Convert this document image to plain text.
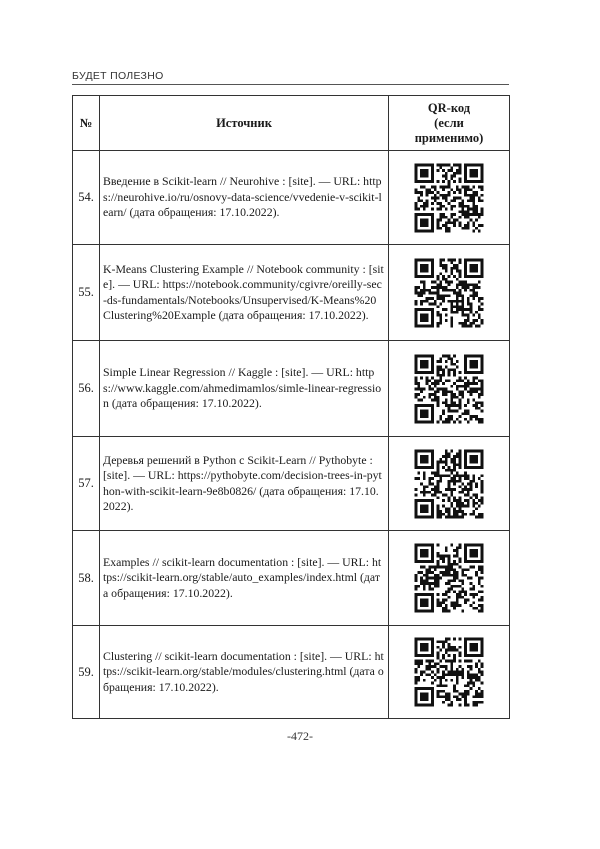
БУДЕТ ПОЛЕЗНО
№	Источник	QR-код
(если
применимо)

54.	Введение в Scikit-learn // Neurohive : [site]. — URL: https://neurohive.io/ru/osnovy-data-science/vvedenie-v-scikit-learn/ (дата обращения: 17.10.2022).	

55.	K-Means Clustering Example // Notebook community : [site]. — URL: https://notebook.community/cgivre/oreilly-sec-ds-fundamentals/Notebooks/Unsupervised/K-Means%20Clustering%20Example (дата обращения: 17.10.2022).	

56.	Simple Linear Regression // Kaggle : [site]. — URL: https://www.kaggle.com/ahmedimamlos/simle-linear-regression (дата обращения: 17.10.2022).	

57.	Деревья решений в Python с Scikit-Learn // Pythobyte : [site]. — URL: https://pythobyte.com/decision-trees-in-python-with-scikit-learn-9e8b0826/ (дата обращения: 17.10.2022).	

58.	Examples // scikit-learn documentation : [site]. — URL: https://scikit-learn.org/stable/auto_examples/index.html (дата обращения: 17.10.2022).	

59.	Clustering // scikit-learn documentation : [site]. — URL: https://scikit-learn.org/stable/modules/clustering.html (дата обращения: 17.10.2022).	
-472-
